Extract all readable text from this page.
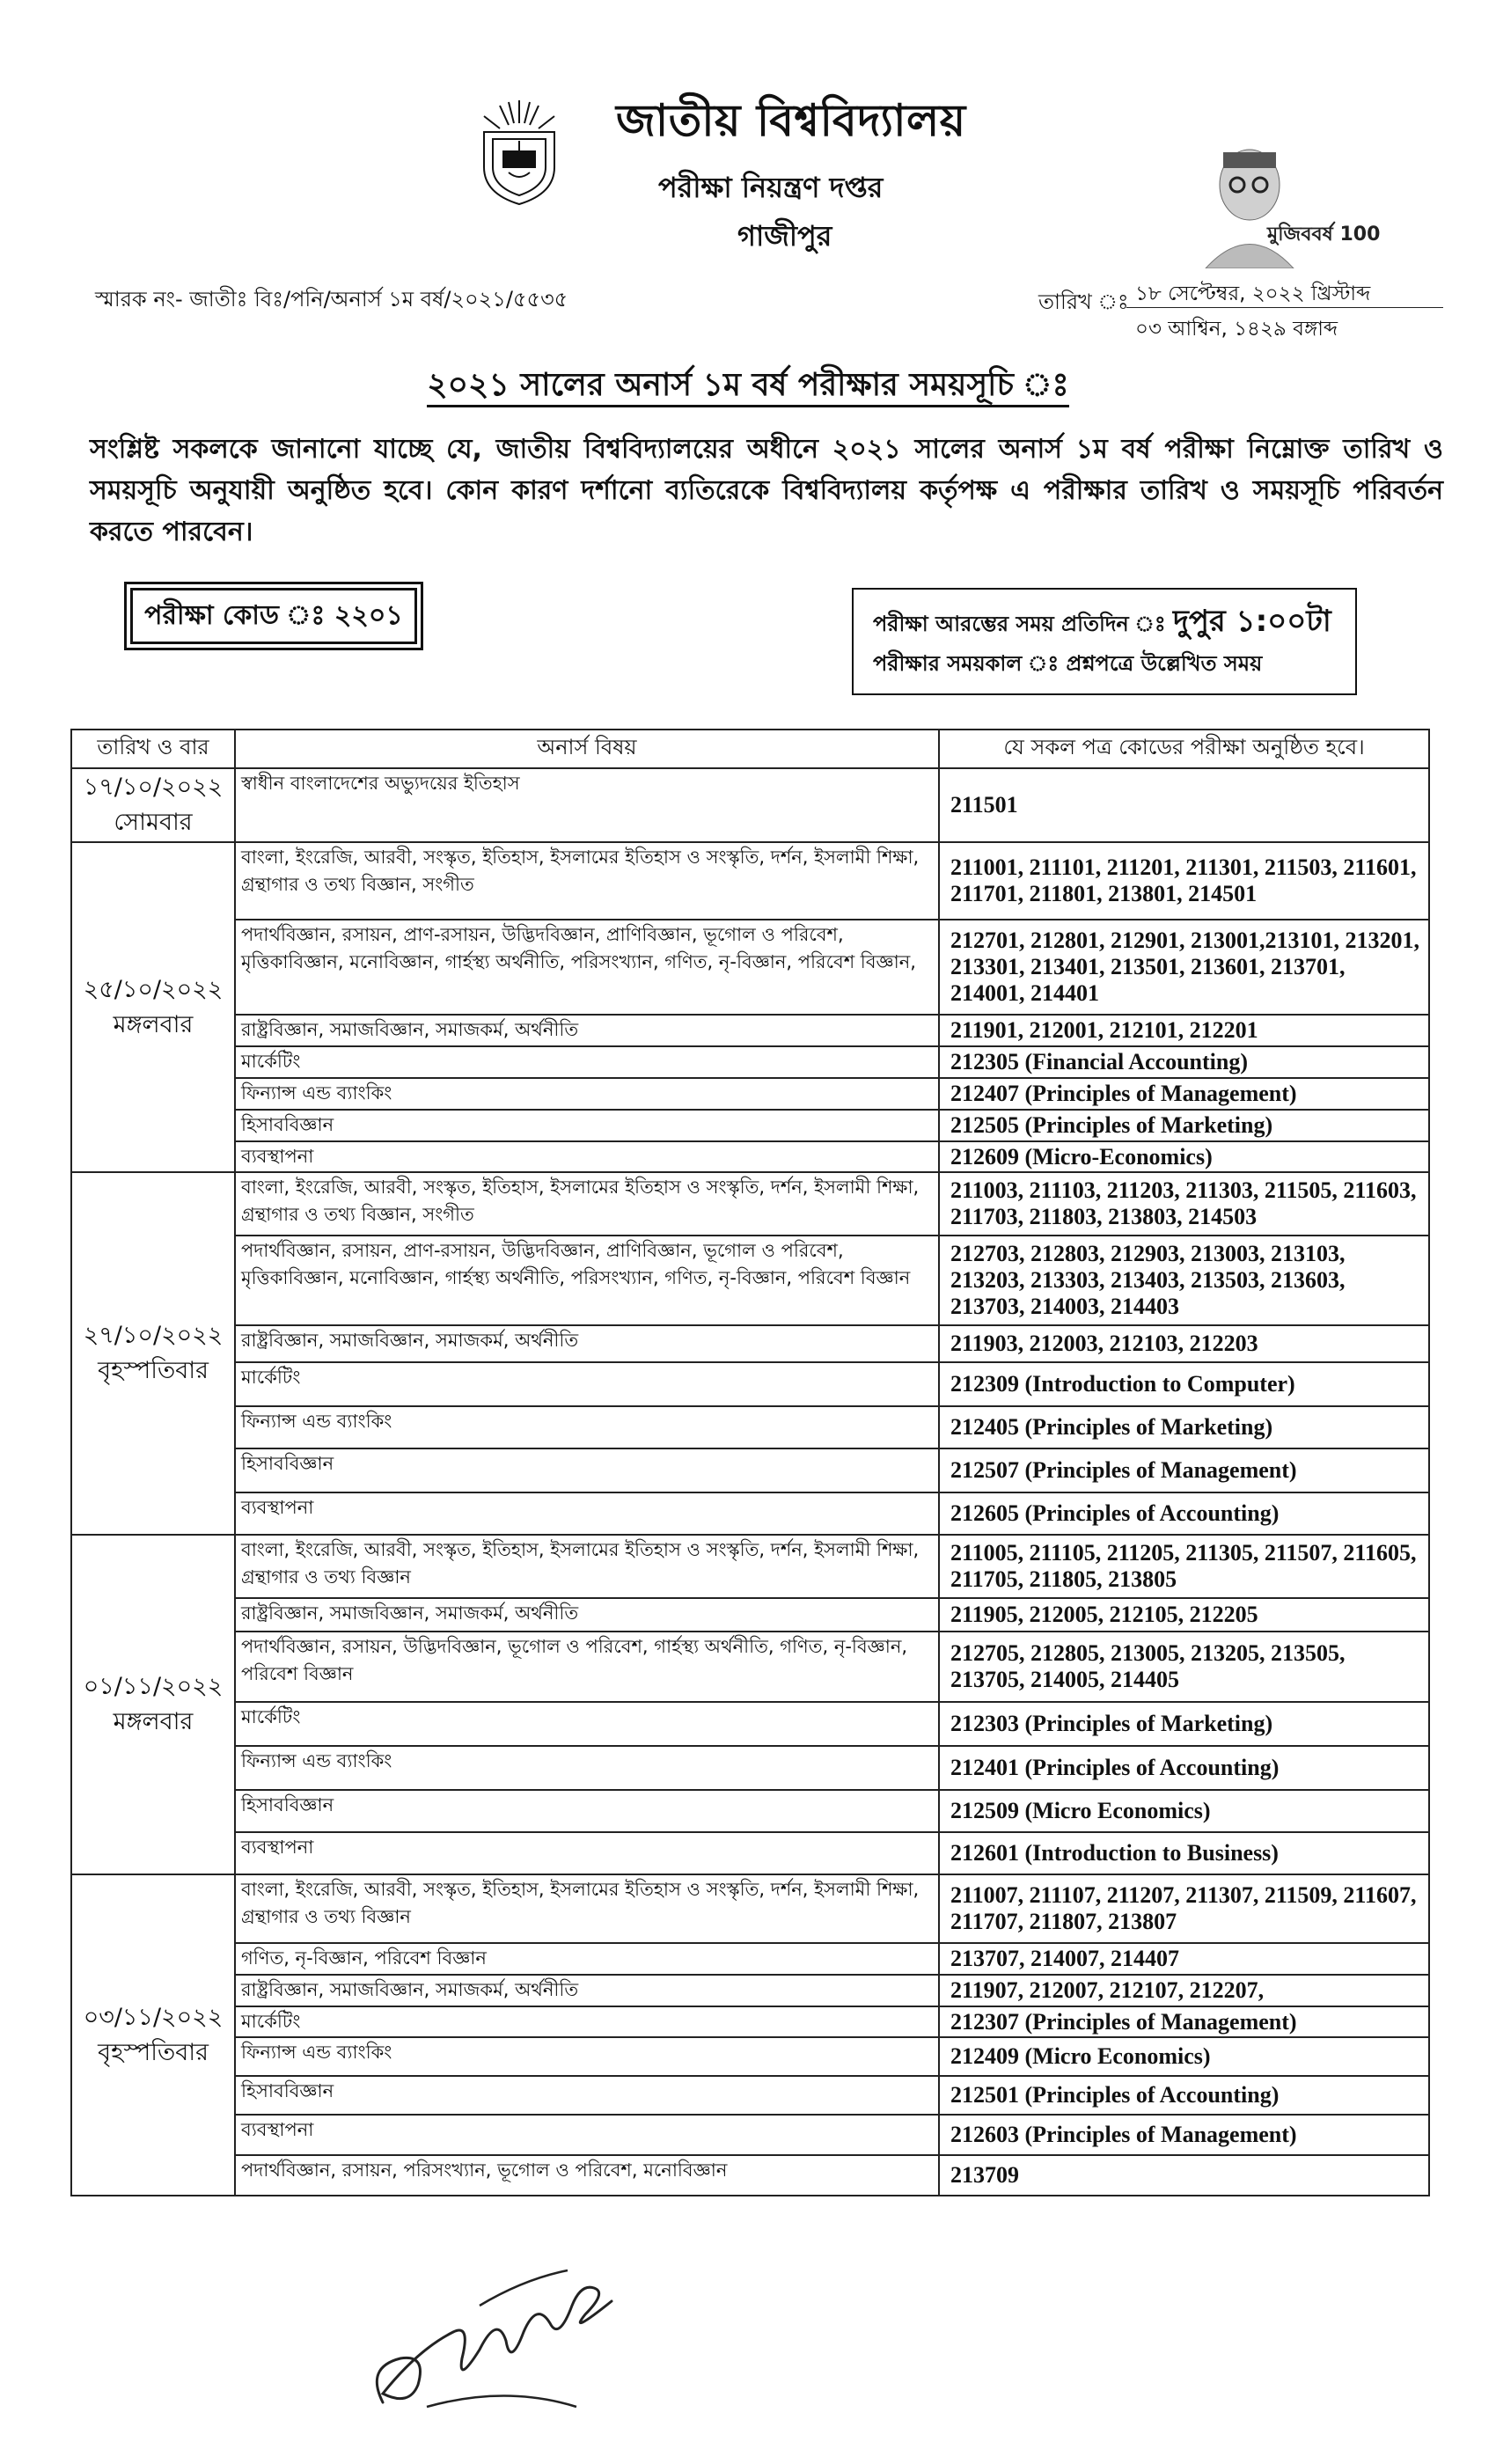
জাতীয় বিশ্ববিদ্যালয়
পরীক্ষা নিয়ন্ত্রণ দপ্তর
গাজীপুর	মুজিববর্ষ 100
স্মারক নং- জাতীঃ বিঃ/পনি/অনার্স ১ম বর্ষ/২০২১/৫৫৩৫	তারিখ ঃ ১৮ সেপ্টেম্বর, ২০২২ খ্রিস্টাব্দ
০৩ আশ্বিন, ১৪২৯ বঙ্গাব্দ
২০২১ সালের অনার্স ১ম বর্ষ পরীক্ষার সময়সূচি ঃ
সংশ্লিষ্ট সকলকে জানানো যাচ্ছে যে, জাতীয় বিশ্ববিদ্যালয়ের অধীনে ২০২১ সালের অনার্স ১ম বর্ষ পরীক্ষা নিম্নোক্ত তারিখ ও সময়সূচি অনুযায়ী অনুষ্ঠিত হবে। কোন কারণ দর্শানো ব্যতিরেকে বিশ্ববিদ্যালয় কর্তৃপক্ষ এ পরীক্ষার তারিখ ও সময়সূচি পরিবর্তন করতে পারবেন।
পরীক্ষা কোড ঃ ২২০১	পরীক্ষা আরম্ভের সময় প্রতিদিন ঃ দুপুর ১:০০টা
পরীক্ষার সময়কাল ঃ প্রশ্নপত্রে উল্লেখিত সময়
তারিখ ও বার	অনার্স বিষয়	যে সকল পত্র কোডের পরীক্ষা অনুষ্ঠিত হবে।

১৭/১০/২০২২
সোমবার	স্বাধীন বাংলাদেশের অভ্যুদয়ের ইতিহাস	211501

২৫/১০/২০২২
মঙ্গলবার	বাংলা, ইংরেজি, আরবী, সংস্কৃত, ইতিহাস, ইসলামের ইতিহাস ও সংস্কৃতি, দর্শন, ইসলামী শিক্ষা, গ্রন্থাগার ও তথ্য বিজ্ঞান, সংগীত	211001, 211101, 211201, 211301, 211503, 211601, 211701, 211801, 213801, 214501
	পদার্থবিজ্ঞান, রসায়ন, প্রাণ-রসায়ন, উদ্ভিদবিজ্ঞান, প্রাণিবিজ্ঞান, ভূগোল ও পরিবেশ, মৃত্তিকাবিজ্ঞান, মনোবিজ্ঞান, গার্হস্থ্য অর্থনীতি, পরিসংখ্যান, গণিত, নৃ-বিজ্ঞান, পরিবেশ বিজ্ঞান,	212701, 212801, 212901, 213001,213101, 213201, 213301, 213401, 213501, 213601, 213701, 214001, 214401
	রাষ্ট্রবিজ্ঞান, সমাজবিজ্ঞান, সমাজকর্ম, অর্থনীতি	211901, 212001, 212101, 212201
	মার্কেটিং	212305 (Financial Accounting)
	ফিন্যান্স এন্ড ব্যাংকিং	212407 (Principles of Management)
	হিসাববিজ্ঞান	212505 (Principles of Marketing)
	ব্যবস্থাপনা	212609 (Micro-Economics)

২৭/১০/২০২২
বৃহস্পতিবার	বাংলা, ইংরেজি, আরবী, সংস্কৃত, ইতিহাস, ইসলামের ইতিহাস ও সংস্কৃতি, দর্শন, ইসলামী শিক্ষা, গ্রন্থাগার ও তথ্য বিজ্ঞান, সংগীত	211003, 211103, 211203, 211303, 211505, 211603, 211703, 211803, 213803, 214503
	পদার্থবিজ্ঞান, রসায়ন, প্রাণ-রসায়ন, উদ্ভিদবিজ্ঞান, প্রাণিবিজ্ঞান, ভূগোল ও পরিবেশ, মৃত্তিকাবিজ্ঞান, মনোবিজ্ঞান, গার্হস্থ্য অর্থনীতি, পরিসংখ্যান, গণিত, নৃ-বিজ্ঞান, পরিবেশ বিজ্ঞান	212703, 212803, 212903, 213003, 213103, 213203, 213303, 213403, 213503, 213603, 213703, 214003, 214403
	রাষ্ট্রবিজ্ঞান, সমাজবিজ্ঞান, সমাজকর্ম, অর্থনীতি	211903, 212003, 212103, 212203
	মার্কেটিং	212309 (Introduction to Computer)
	ফিন্যান্স এন্ড ব্যাংকিং	212405 (Principles of Marketing)
	হিসাববিজ্ঞান	212507 (Principles of Management)
	ব্যবস্থাপনা	212605 (Principles of Accounting)

০১/১১/২০২২
মঙ্গলবার	বাংলা, ইংরেজি, আরবী, সংস্কৃত, ইতিহাস, ইসলামের ইতিহাস ও সংস্কৃতি, দর্শন, ইসলামী শিক্ষা, গ্রন্থাগার ও তথ্য বিজ্ঞান	211005, 211105, 211205, 211305, 211507, 211605, 211705, 211805, 213805
	রাষ্ট্রবিজ্ঞান, সমাজবিজ্ঞান, সমাজকর্ম, অর্থনীতি	211905, 212005, 212105, 212205
	পদার্থবিজ্ঞান, রসায়ন, উদ্ভিদবিজ্ঞান, ভূগোল ও পরিবেশ, গার্হস্থ্য অর্থনীতি, গণিত, নৃ-বিজ্ঞান, পরিবেশ বিজ্ঞান	212705, 212805, 213005, 213205, 213505, 213705, 214005, 214405
	মার্কেটিং	212303 (Principles of Marketing)
	ফিন্যান্স এন্ড ব্যাংকিং	212401 (Principles of Accounting)
	হিসাববিজ্ঞান	212509 (Micro Economics)
	ব্যবস্থাপনা	212601 (Introduction to Business)

০৩/১১/২০২২
বৃহস্পতিবার	বাংলা, ইংরেজি, আরবী, সংস্কৃত, ইতিহাস, ইসলামের ইতিহাস ও সংস্কৃতি, দর্শন, ইসলামী শিক্ষা, গ্রন্থাগার ও তথ্য বিজ্ঞান	211007, 211107, 211207, 211307, 211509, 211607, 211707, 211807, 213807
	গণিত, নৃ-বিজ্ঞান, পরিবেশ বিজ্ঞান	213707, 214007, 214407
	রাষ্ট্রবিজ্ঞান, সমাজবিজ্ঞান, সমাজকর্ম, অর্থনীতি	211907, 212007, 212107, 212207,
	মার্কেটিং	212307 (Principles of Management)
	ফিন্যান্স এন্ড ব্যাংকিং	212409 (Micro Economics)
	হিসাববিজ্ঞান	212501 (Principles of Accounting)
	ব্যবস্থাপনা	212603 (Principles of Management)
	পদার্থবিজ্ঞান, রসায়ন, পরিসংখ্যান, ভূগোল ও পরিবেশ, মনোবিজ্ঞান	213709
